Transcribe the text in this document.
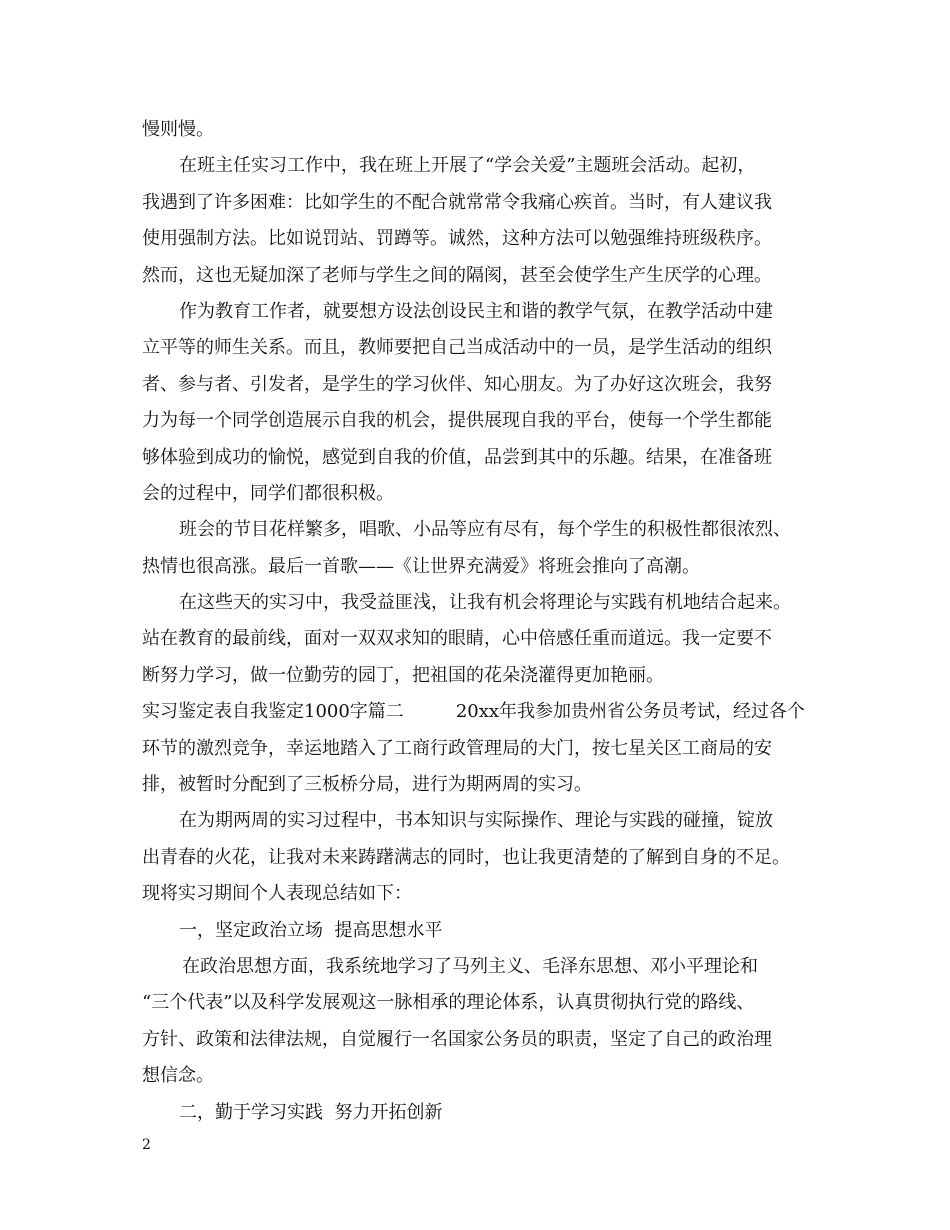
慢则慢。
在班主任实习工作中，我在班上开展了“学会关爱”主题班会活动。起初，
我遇到了许多困难：比如学生的不配合就常常令我痛心疾首。当时，有人建议我
使用强制方法。比如说罚站、罚蹲等。诚然，这种方法可以勉强维持班级秩序。
然而，这也无疑加深了老师与学生之间的隔阂，甚至会使学生产生厌学的心理。
作为教育工作者，就要想方设法创设民主和谐的教学气氛，在教学活动中建
立平等的师生关系。而且，教师要把自己当成活动中的一员，是学生活动的组织
者、参与者、引发者，是学生的学习伙伴、知心朋友。为了办好这次班会，我努
力为每一个同学创造展示自我的机会，提供展现自我的平台，使每一个学生都能
够体验到成功的愉悦，感觉到自我的价值，品尝到其中的乐趣。结果，在准备班
会的过程中，同学们都很积极。
班会的节目花样繁多，唱歌、小品等应有尽有，每个学生的积极性都很浓烈、
热情也很高涨。最后一首歌——《让世界充满爱》将班会推向了高潮。
在这些天的实习中，我受益匪浅，让我有机会将理论与实践有机地结合起来。
站在教育的最前线，面对一双双求知的眼睛，心中倍感任重而道远。我一定要不
断努力学习，做一位勤劳的园丁，把祖国的花朵浇灌得更加艳丽。
实习鉴定表自我鉴定1000字篇二	20xx年我参加贵州省公务员考试，经过各个
环节的激烈竞争，幸运地踏入了工商行政管理局的大门，按七星关区工商局的安
排，被暂时分配到了三板桥分局，进行为期两周的实习。
在为期两周的实习过程中，书本知识与实际操作、理论与实践的碰撞，锭放
出青春的火花，让我对未来踌躇满志的同时，也让我更清楚的了解到自身的不足。
现将实习期间个人表现总结如下：
一，坚定政治立场  提高思想水平
在政治思想方面，我系统地学习了马列主义、毛泽东思想、邓小平理论和
“三个代表”以及科学发展观这一脉相承的理论体系，认真贯彻执行党的路线、
方针、政策和法律法规，自觉履行一名国家公务员的职责，坚定了自己的政治理
想信念。
二，勤于学习实践  努力开拓创新
2
